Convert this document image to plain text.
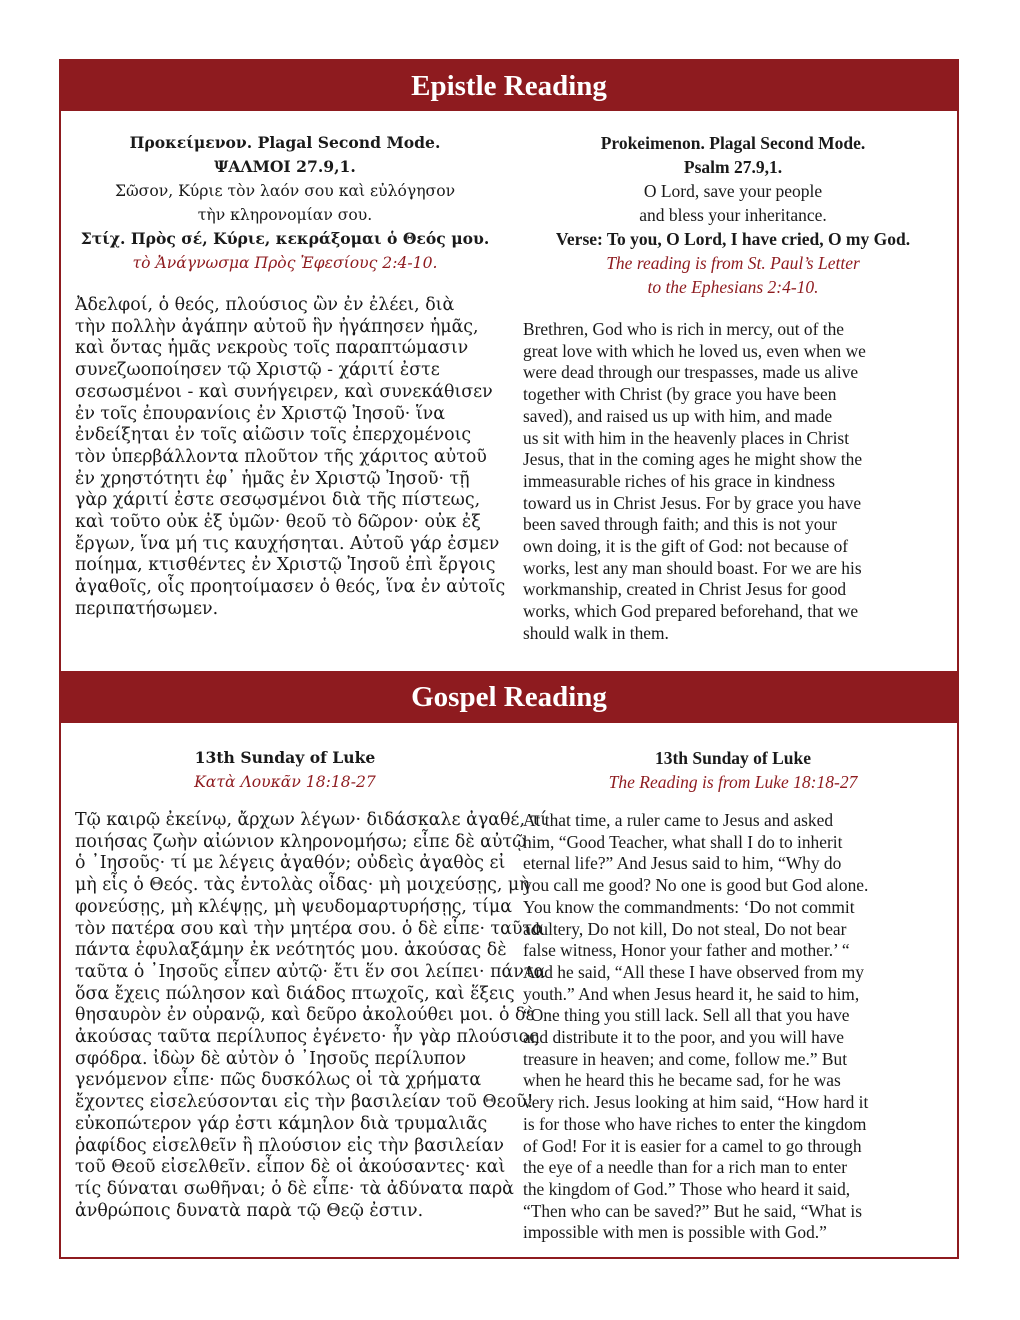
Epistle Reading
Προκείμενον. Plagal Second Mode.
ΨΑΛΜΟΙ 27.9,1.
Σῶσον, Κύριε τὸν λαόν σου καὶ εὐλόγησον
τὴν κληρονομίαν σου.
Στίχ. Πρὸς σέ, Κύριε, κεκράξομαι ὁ Θεός μου.
τὸ Ἀνάγνωσμα Πρὸς Ἐφεσίους 2:4-10.
Ἀδελφοί, ὁ θεός, πλούσιος ὢν ἐν ἐλέει, διὰ
τὴν πολλὴν ἀγάπην αὐτοῦ ἣν ἠγάπησεν ἡμᾶς,
καὶ ὄντας ἡμᾶς νεκροὺς τοῖς παραπτώμασιν
συνεζωοποίησεν τῷ Χριστῷ - χάριτί ἐστε
σεσωσμένοι - καὶ συνήγειρεν, καὶ συνεκάθισεν
ἐν τοῖς ἐπουρανίοις ἐν Χριστῷ Ἰησοῦ· ἵνα
ἐνδείξηται ἐν τοῖς αἰῶσιν τοῖς ἐπερχομένοις
τὸν ὑπερβάλλοντα πλοῦτον τῆς χάριτος αὐτοῦ
ἐν χρηστότητι ἐφ᾽ ἡμᾶς ἐν Χριστῷ Ἰησοῦ· τῇ
γὰρ χάριτί ἐστε σεσῳσμένοι διὰ τῆς πίστεως,
καὶ τοῦτο οὐκ ἐξ ὑμῶν· θεοῦ τὸ δῶρον· οὐκ ἐξ
ἔργων, ἵνα μή τις καυχήσηται. Αὐτοῦ γάρ ἐσμεν
ποίημα, κτισθέντες ἐν Χριστῷ Ἰησοῦ ἐπὶ ἔργοις
ἀγαθοῖς, οἷς προητοίμασεν ὁ θεός, ἵνα ἐν αὐτοῖς
περιπατήσωμεν.
Prokeimenon. Plagal Second Mode.
Psalm 27.9,1.
O Lord, save your people
and bless your inheritance.
Verse: To you, O Lord, I have cried, O my God.
The reading is from St. Paul’s Letter
to the Ephesians 2:4-10.
Brethren, God who is rich in mercy, out of the
great love with which he loved us, even when we
were dead through our trespasses, made us alive
together with Christ (by grace you have been
saved), and raised us up with him, and made
us sit with him in the heavenly places in Christ
Jesus, that in the coming ages he might show the
immeasurable riches of his grace in kindness
toward us in Christ Jesus. For by grace you have
been saved through faith; and this is not your
own doing, it is the gift of God: not because of
works, lest any man should boast. For we are his
workmanship, created in Christ Jesus for good
works, which God prepared beforehand, that we
should walk in them.
Gospel Reading
13th Sunday of Luke
Κατὰ Λουκᾶν 18:18-27
Τῷ καιρῷ ἐκείνῳ, ἄρχων λέγων· διδάσκαλε ἀγαθέ, τί
ποιήσας ζωὴν αἰώνιον κληρονομήσω; εἶπε δὲ αὐτῷ
ὁ ᾿Ιησοῦς· τί με λέγεις ἀγαθόν; οὐδεὶς ἀγαθὸς εἰ
μὴ εἷς ὁ Θεός. τὰς ἐντολὰς οἶδας· μὴ μοιχεύσῃς, μὴ
φονεύσῃς, μὴ κλέψῃς, μὴ ψευδομαρτυρήσῃς, τίμα
τὸν πατέρα σου καὶ τὴν μητέρα σου. ὁ δὲ εἶπε· ταῦτα
πάντα ἐφυλαξάμην ἐκ νεότητός μου. ἀκούσας δὲ
ταῦτα ὁ ᾿Ιησοῦς εἶπεν αὐτῷ· ἔτι ἕν σοι λείπει· πάντα
ὅσα ἔχεις πώλησον καὶ διάδος πτωχοῖς, καὶ ἕξεις
θησαυρὸν ἐν οὐρανῷ, καὶ δεῦρο ἀκολούθει μοι. ὁ δὲ
ἀκούσας ταῦτα περίλυπος ἐγένετο· ἦν γὰρ πλούσιος
σφόδρα. ἰδὼν δὲ αὐτὸν ὁ ᾿Ιησοῦς περίλυπον
γενόμενον εἶπε· πῶς δυσκόλως οἱ τὰ χρήματα
ἔχοντες εἰσελεύσονται εἰς τὴν βασιλείαν τοῦ Θεοῦ!
εὐκοπώτερον γάρ ἐστι κάμηλον διὰ τρυμαλιᾶς
ῥαφίδος εἰσελθεῖν ἢ πλούσιον εἰς τὴν βασιλείαν
τοῦ Θεοῦ εἰσελθεῖν. εἶπον δὲ οἱ ἀκούσαντες· καὶ
τίς δύναται σωθῆναι; ὁ δὲ εἶπε· τὰ ἀδύνατα παρὰ
ἀνθρώποις δυνατὰ παρὰ τῷ Θεῷ ἐστιν.
13th Sunday of Luke
The Reading is from Luke 18:18-27
At that time, a ruler came to Jesus and asked
him, “Good Teacher, what shall I do to inherit
eternal life?” And Jesus said to him, “Why do
you call me good? No one is good but God alone.
You know the commandments: ‘Do not commit
adultery, Do not kill, Do not steal, Do not bear
false witness, Honor your father and mother.’ “
And he said, “All these I have observed from my
youth.” And when Jesus heard it, he said to him,
“One thing you still lack. Sell all that you have
and distribute it to the poor, and you will have
treasure in heaven; and come, follow me.” But
when he heard this he became sad, for he was
very rich. Jesus looking at him said, “How hard it
is for those who have riches to enter the kingdom
of God! For it is easier for a camel to go through
the eye of a needle than for a rich man to enter
the kingdom of God.” Those who heard it said,
“Then who can be saved?” But he said, “What is
impossible with men is possible with God.”
